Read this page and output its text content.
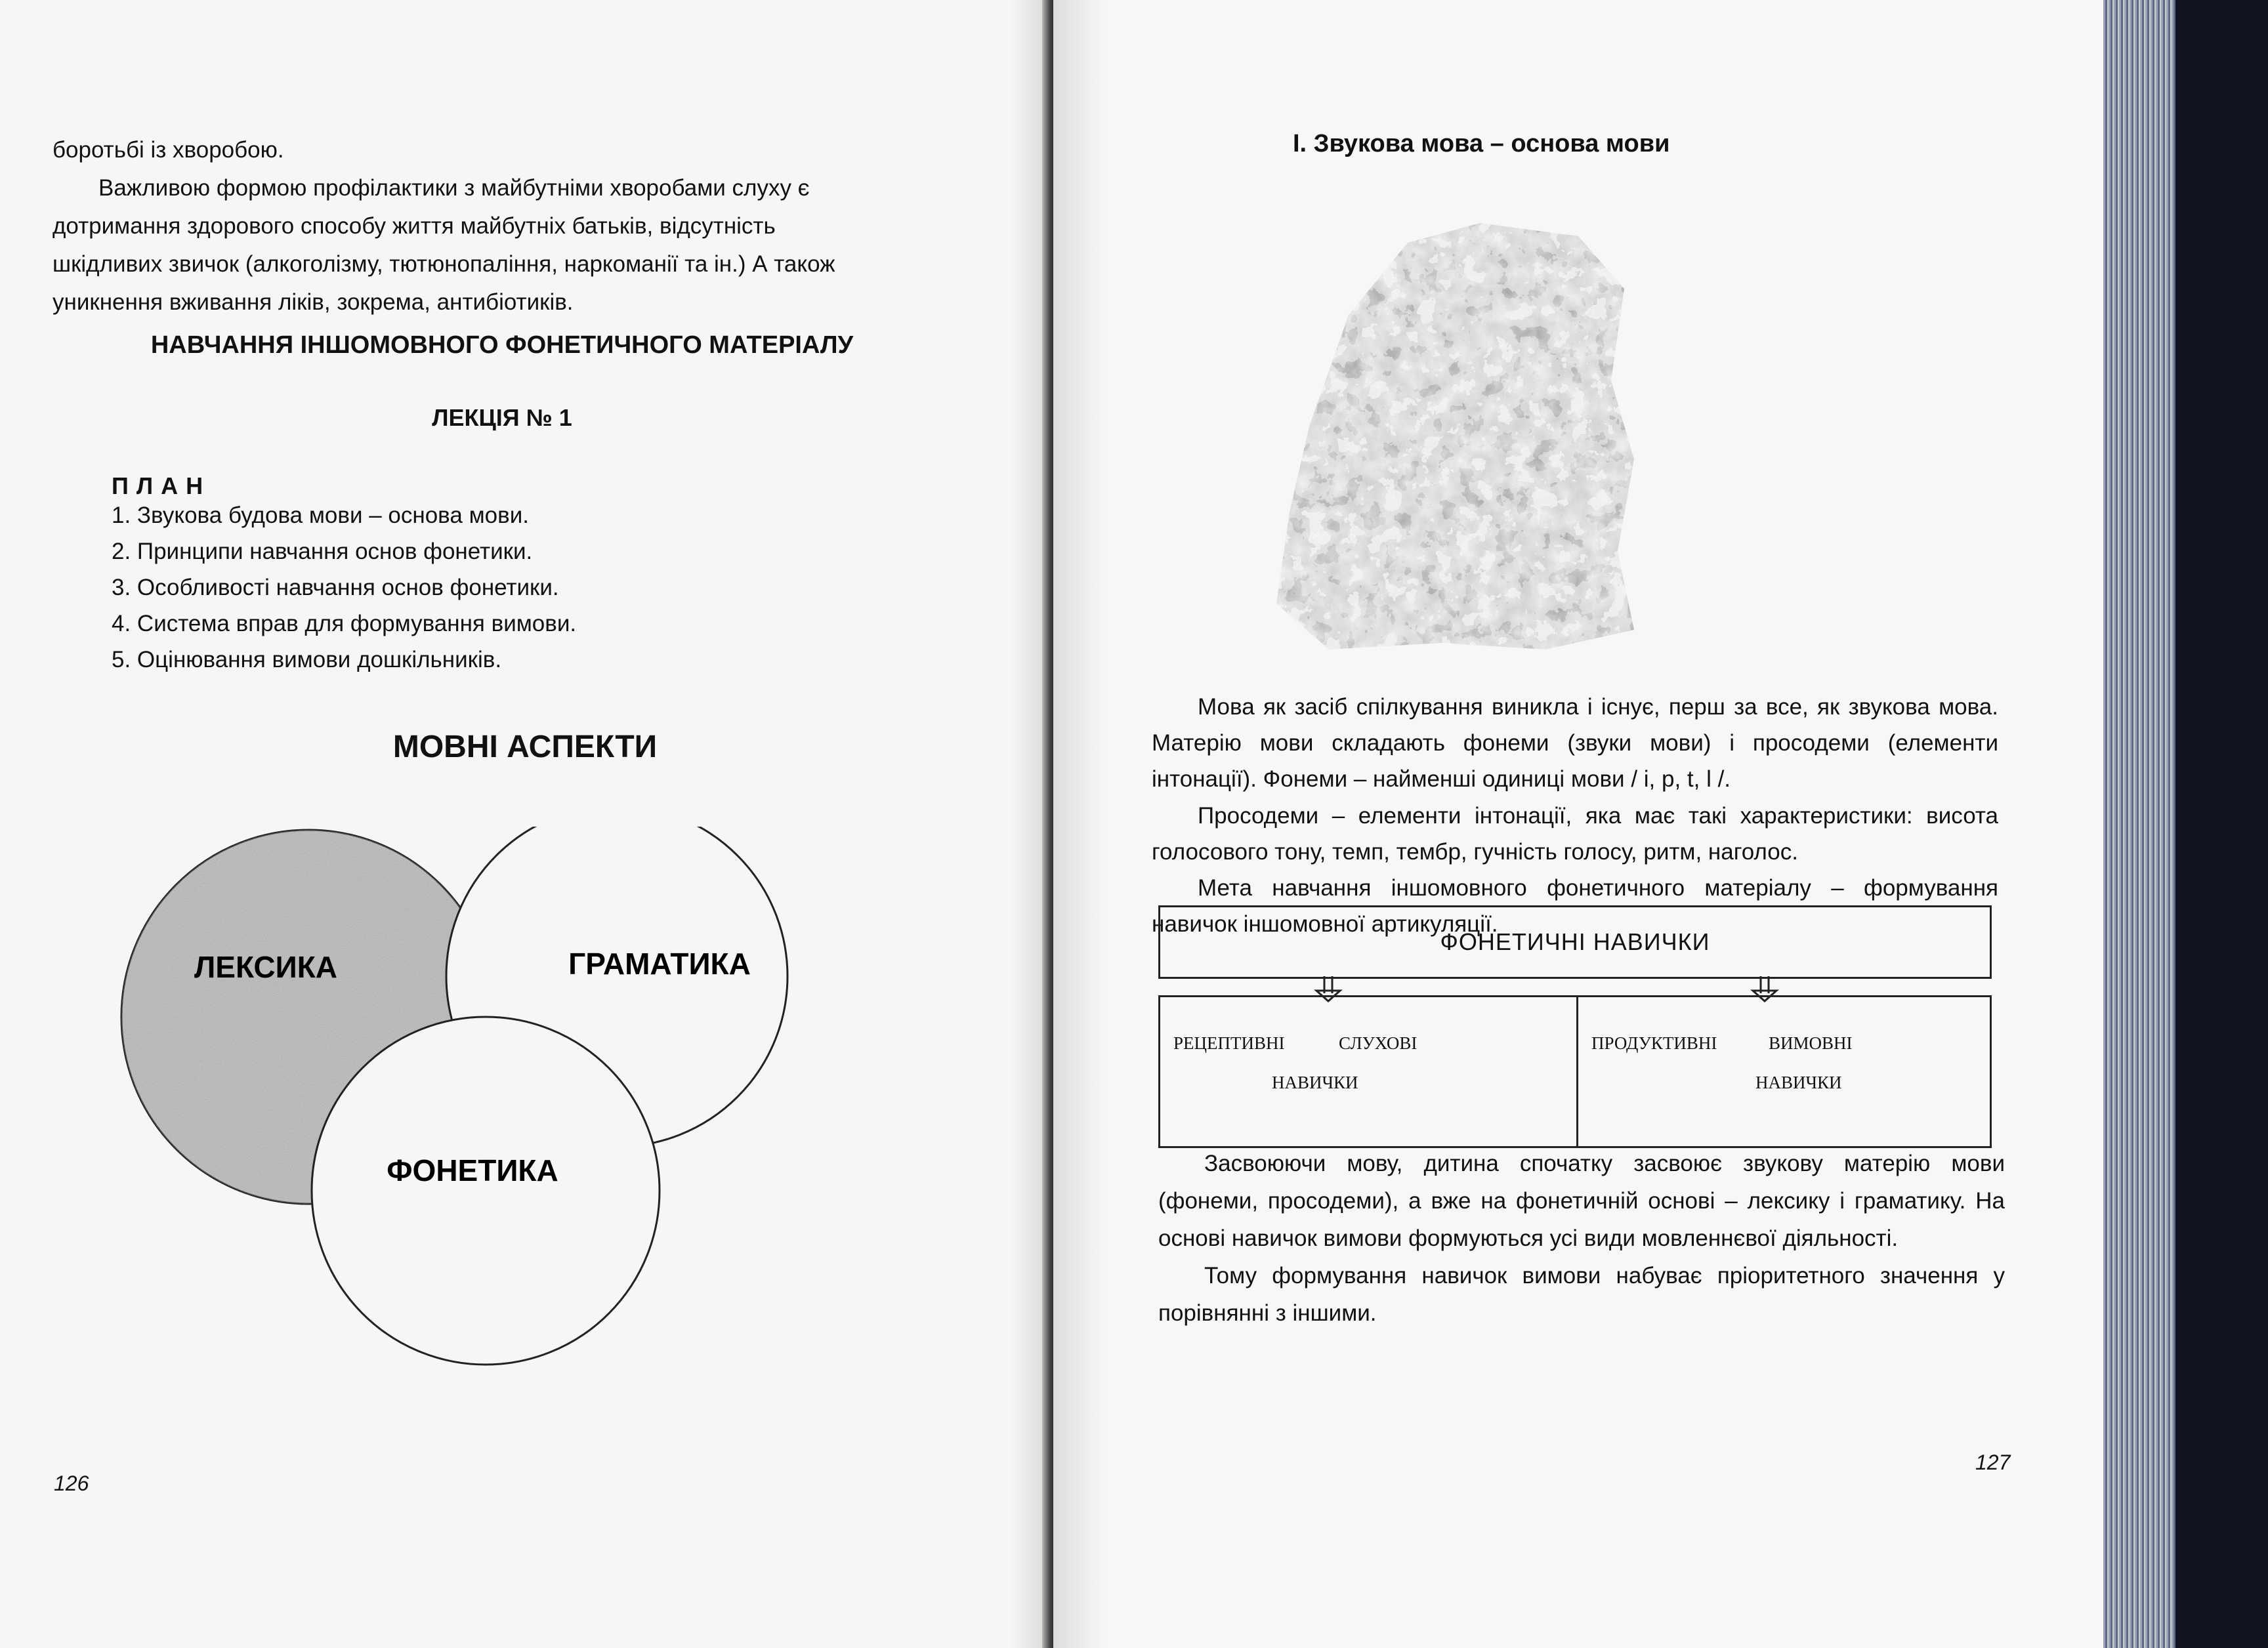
боротьбі із хворобою.
Важливою формою профілактики з майбутніми хворобами слуху є
дотримання здорового способу життя майбутніх батьків, відсутність
шкідливих звичок (алкоголізму, тютюнопаління, наркоманії та ін.) А також
уникнення вживання ліків, зокрема, антибіотиків.
НАВЧАННЯ ІНШОМОВНОГО ФОНЕТИЧНОГО МАТЕРІАЛУ
ЛЕКЦІЯ № 1
ПЛАН
1. Звукова будова мови – основа мови.
2. Принципи навчання основ фонетики.
3. Особливості навчання основ фонетики.
4. Система вправ для формування вимови.
5. Оцінювання вимови дошкільників.
МОВНІ АСПЕКТИ
ЛЕКСИКА	ГРАМАТИКА
ФОНЕТИКА
126
І. Звукова мова – основа мови
Мова як засіб спілкування виникла і існує, перш за все, як звукова мова. Матерію мови складають фонеми (звуки мови) і просодеми (елементи інтонації). Фонеми – найменші одиниці мови / і, р, t, l /.
Просодеми – елементи інтонації, яка має такі характеристики: висота голосового тону, темп, тембр, гучність голосу, ритм, наголос.
Мета навчання іншомовного фонетичного матеріалу – формування навичок іншомовної артикуляції.
ФОНЕТИЧНІ НАВИЧКИ
РЕЦЕПТИВНІ	СЛУХОВІ
НАВИЧКИ
ПРОДУКТИВНІ	ВИМОВНІ
НАВИЧКИ
Засвоюючи мову, дитина спочатку засвоює звукову матерію мови (фонеми, просодеми), а вже на фонетичній основі – лексику і граматику. На основі навичок вимови формуються усі види мовленнєвої діяльності.
Тому формування навичок вимови набуває пріоритетного значення у порівнянні з іншими.
127
